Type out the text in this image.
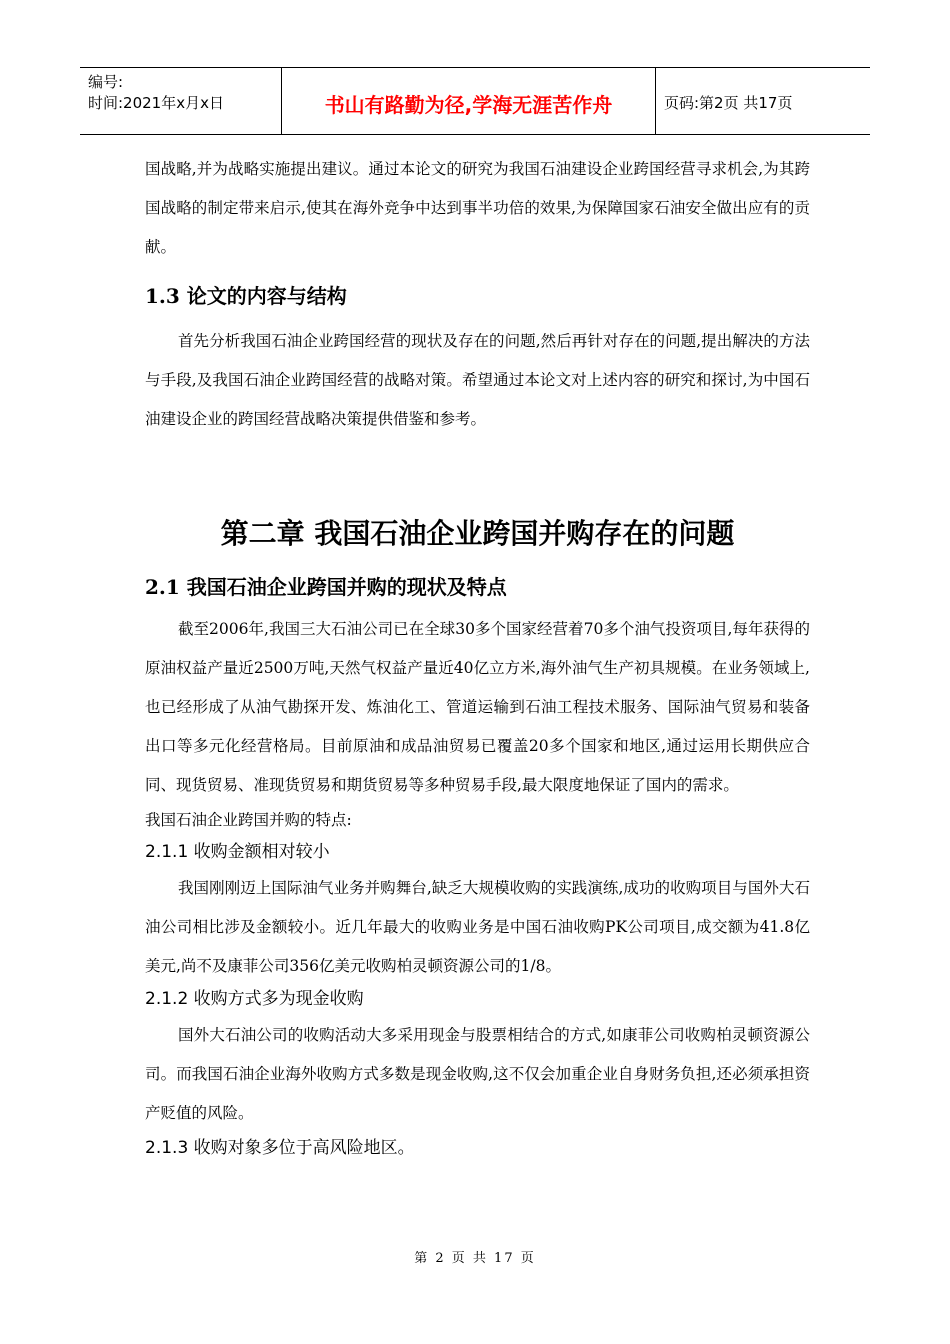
编号:
时间:2021年x月x日	书山有路勤为径,学海无涯苦作舟	页码:第2页 共17页

国战略,并为战略实施提出建议。通过本论文的研究为我国石油建设企业跨国经营寻求机会,为其跨国战略的制定带来启示,使其在海外竞争中达到事半功倍的效果,为保障国家石油安全做出应有的贡献。

1.3 论文的内容与结构

首先分析我国石油企业跨国经营的现状及存在的问题,然后再针对存在的问题,提出解决的方法与手段,及我国石油企业跨国经营的战略对策。希望通过本论文对上述内容的研究和探讨,为中国石油建设企业的跨国经营战略决策提供借鉴和参考。

第二章 我国石油企业跨国并购存在的问题
2.1 我国石油企业跨国并购的现状及特点

截至2006年,我国三大石油公司已在全球30多个国家经营着70多个油气投资项目,每年获得的原油权益产量近2500万吨,天然气权益产量近40亿立方米,海外油气生产初具规模。在业务领域上,也已经形成了从油气勘探开发、炼油化工、管道运输到石油工程技术服务、国际油气贸易和装备出口等多元化经营格局。目前原油和成品油贸易已覆盖20多个国家和地区,通过运用长期供应合同、现货贸易、准现货贸易和期货贸易等多种贸易手段,最大限度地保证了国内的需求。

我国石油企业跨国并购的特点:

2.1.1 收购金额相对较小

我国刚刚迈上国际油气业务并购舞台,缺乏大规模收购的实践演练,成功的收购项目与国外大石油公司相比涉及金额较小。近几年最大的收购业务是中国石油收购PK公司项目,成交额为41.8亿美元,尚不及康菲公司356亿美元收购柏灵顿资源公司的1/8。

2.1.2 收购方式多为现金收购

国外大石油公司的收购活动大多采用现金与股票相结合的方式,如康菲公司收购柏灵顿资源公司。而我国石油企业海外收购方式多数是现金收购,这不仅会加重企业自身财务负担,还必须承担资产贬值的风险。

2.1.3 收购对象多位于高风险地区。
第 2 页 共 17 页
